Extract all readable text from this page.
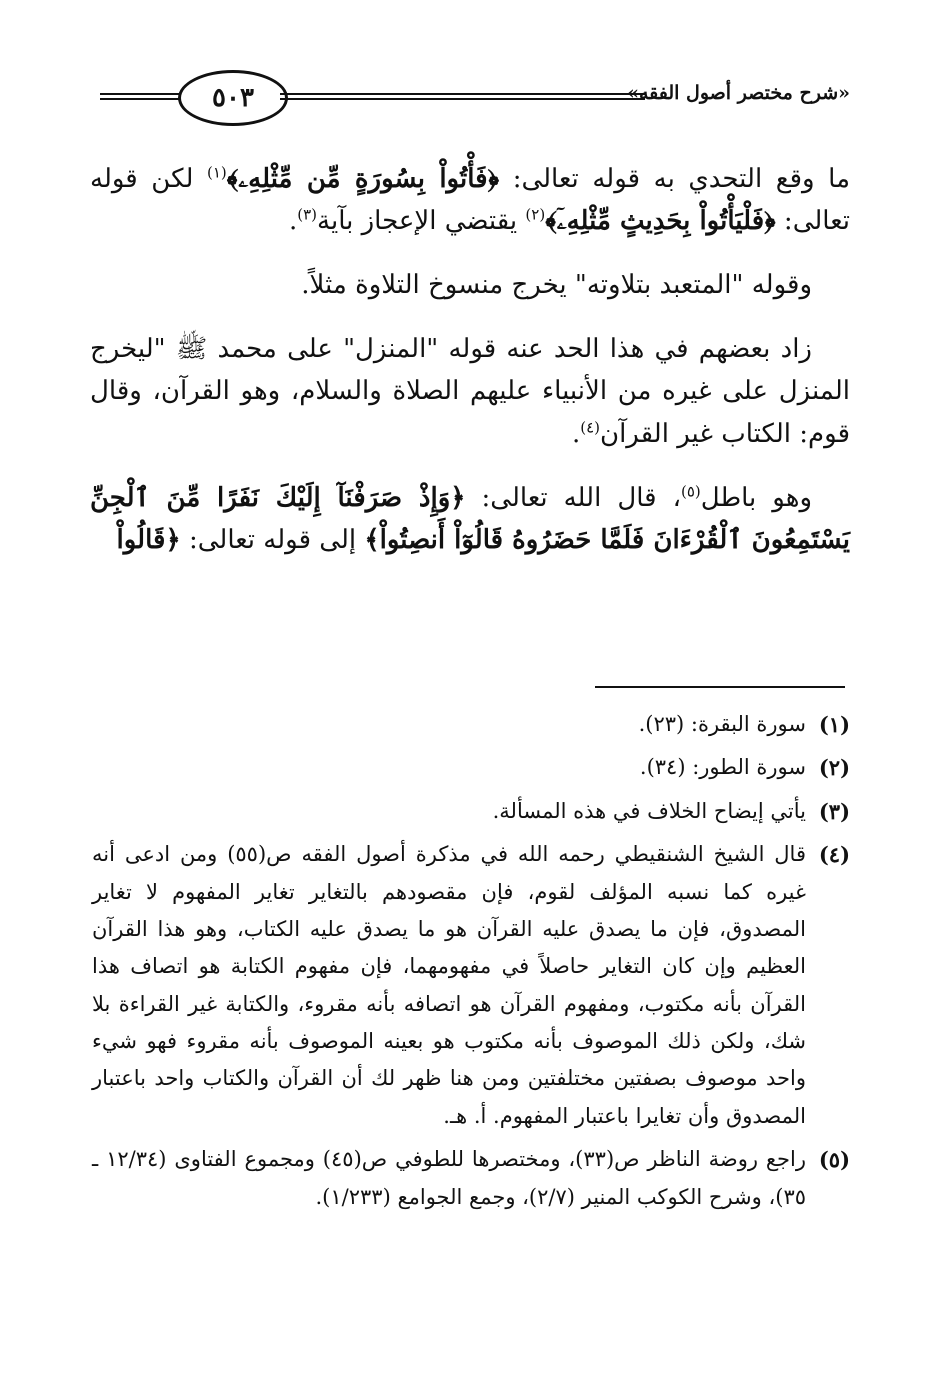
٥٠٣	«شرح مختصر أصول الفقه»

ما وقع التحدي به قوله تعالى: ﴿فَأْتُواْ بِسُورَةٍ مِّن مِّثْلِهِۦ﴾$^{(١)}$ لكن قوله تعالى: ﴿فَلْيَأْتُواْ بِحَدِيثٍ مِّثْلِهِۦٓ﴾$^{(٢)}$ يقتضي الإعجاز بآية$^{(٣)}$.

وقوله "المتعبد بتلاوته" يخرج منسوخ التلاوة مثلاً.

زاد بعضهم في هذا الحد عنه قوله "المنزل" على محمد ﷺ "ليخرج المنزل على غيره من الأنبياء عليهم الصلاة والسلام، وهو القرآن، وقال قوم: الكتاب غير القرآن$^{(٤)}$.

وهو باطل$^{(٥)}$، قال الله تعالى: ﴿وَإِذْ صَرَفْنَآ إِلَيْكَ نَفَرًا مِّنَ ٱلْجِنِّ يَسْتَمِعُونَ ٱلْقُرْءَانَ فَلَمَّا حَضَرُوهُ قَالُوٓاْ أَنصِتُواْ﴾ إلى قوله تعالى: ﴿قَالُواْ

(١)
سورة البقرة: (٢٣).
(٢)
سورة الطور: (٣٤).
(٣)
يأتي إيضاح الخلاف في هذه المسألة.
(٤)
قال الشيخ الشنقيطي رحمه الله في مذكرة أصول الفقه ص(٥٥) ومن ادعى أنه غيره كما نسبه المؤلف لقوم، فإن مقصودهم بالتغاير تغاير المفهوم لا تغاير المصدوق، فإن ما يصدق عليه القرآن هو ما يصدق عليه الكتاب، وهو هذا القرآن العظيم وإن كان التغاير حاصلاً في مفهومهما، فإن مفهوم الكتابة هو اتصاف هذا القرآن بأنه مكتوب، ومفهوم القرآن هو اتصافه بأنه مقروء، والكتابة غير القراءة بلا شك، ولكن ذلك الموصوف بأنه مكتوب هو بعينه الموصوف بأنه مقروء فهو شيء واحد موصوف بصفتين مختلفتين ومن هنا ظهر لك أن القرآن والكتاب واحد باعتبار المصدوق وأن تغايرا باعتبار المفهوم. أ. هـ.
(٥)
راجع روضة الناظر ص(٣٣)، ومختصرها للطوفي ص(٤٥) ومجموع الفتاوى (١٢/٣٤ ـ ٣٥)، وشرح الكوكب المنير (٢/٧)، وجمع الجوامع (١/٢٣٣).
